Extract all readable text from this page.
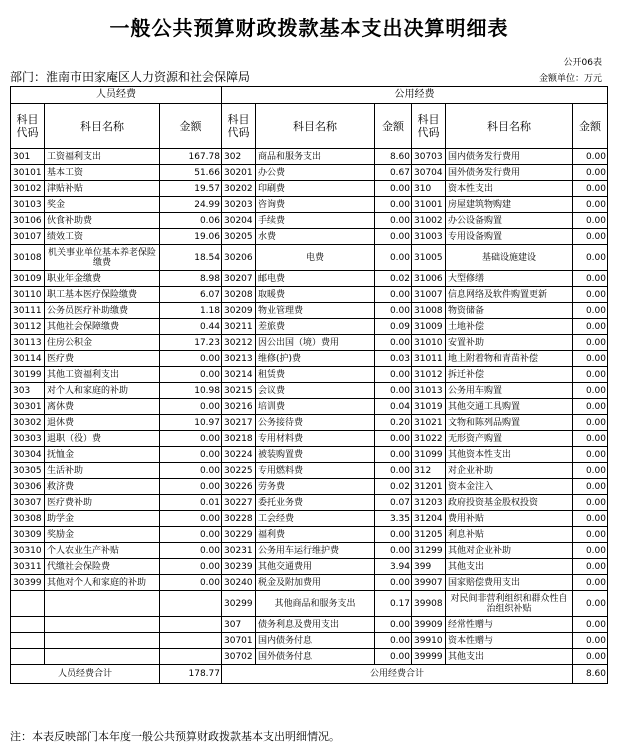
一般公共预算财政拨款基本支出决算明细表
公开06表
金额单位：万元
部门：淮南市田家庵区人力资源和社会保障局
人员经费			公用经费					
科目代码	科目名称	金额	科目代码	科目名称	金额	科目代码	科目名称	金额
301	工资福利支出	167.78	302	商品和服务支出	8.60	30703	国内债务发行费用	0.00
30101	基本工资	51.66	30201	办公费	0.67	30704	国外债务发行费用	0.00
30102	津贴补贴	19.57	30202	印刷费	0.00	310	资本性支出	0.00
30103	奖金	24.99	30203	咨询费	0.00	31001	房屋建筑物购建	0.00
30106	伙食补助费	0.06	30204	手续费	0.00	31002	办公设备购置	0.00
30107	绩效工资	19.06	30205	水费	0.00	31003	专用设备购置	0.00
30108	机关事业单位基本养老保险缴费	18.54	30206	电费	0.00	31005	基础设施建设	0.00
30109	职业年金缴费	8.98	30207	邮电费	0.02	31006	大型修缮	0.00
30110	职工基本医疗保险缴费	6.07	30208	取暖费	0.00	31007	信息网络及软件购置更新	0.00
30111	公务员医疗补助缴费	1.18	30209	物业管理费	0.00	31008	物资储备	0.00
30112	其他社会保障缴费	0.44	30211	差旅费	0.09	31009	土地补偿	0.00
30113	住房公积金	17.23	30212	因公出国（境）费用	0.00	31010	安置补助	0.00
30114	医疗费	0.00	30213	维修(护)费	0.03	31011	地上附着物和青苗补偿	0.00
30199	其他工资福利支出	0.00	30214	租赁费	0.00	31012	拆迁补偿	0.00
303	对个人和家庭的补助	10.98	30215	会议费	0.00	31013	公务用车购置	0.00
30301	离休费	0.00	30216	培训费	0.04	31019	其他交通工具购置	0.00
30302	退休费	10.97	30217	公务接待费	0.20	31021	文物和陈列品购置	0.00
30303	退职（役）费	0.00	30218	专用材料费	0.00	31022	无形资产购置	0.00
30304	抚恤金	0.00	30224	被装购置费	0.00	31099	其他资本性支出	0.00
30305	生活补助	0.00	30225	专用燃料费	0.00	312	对企业补助	0.00
30306	救济费	0.00	30226	劳务费	0.02	31201	资本金注入	0.00
30307	医疗费补助	0.01	30227	委托业务费	0.07	31203	政府投资基金股权投资	0.00
30308	助学金	0.00	30228	工会经费	3.35	31204	费用补贴	0.00
30309	奖励金	0.00	30229	福利费	0.00	31205	利息补贴	0.00
30310	个人农业生产补贴	0.00	30231	公务用车运行维护费	0.00	31299	其他对企业补助	0.00
30311	代缴社会保险费	0.00	30239	其他交通费用	3.94	399	其他支出	0.00
30399	其他对个人和家庭的补助	0.00	30240	税金及附加费用	0.00	39907	国家赔偿费用支出	0.00
			30299	其他商品和服务支出	0.17	39908	对民间非营利组织和群众性自治组织补贴	0.00
			307	债务利息及费用支出	0.00	39909	经常性赠与	0.00
			30701	国内债务付息	0.00	39910	资本性赠与	0.00
			30702	国外债务付息	0.00	39999	其他支出	0.00
人员经费合计		178.77	公用经费合计					8.60
注：本表反映部门本年度一般公共预算财政拨款基本支出明细情况。
